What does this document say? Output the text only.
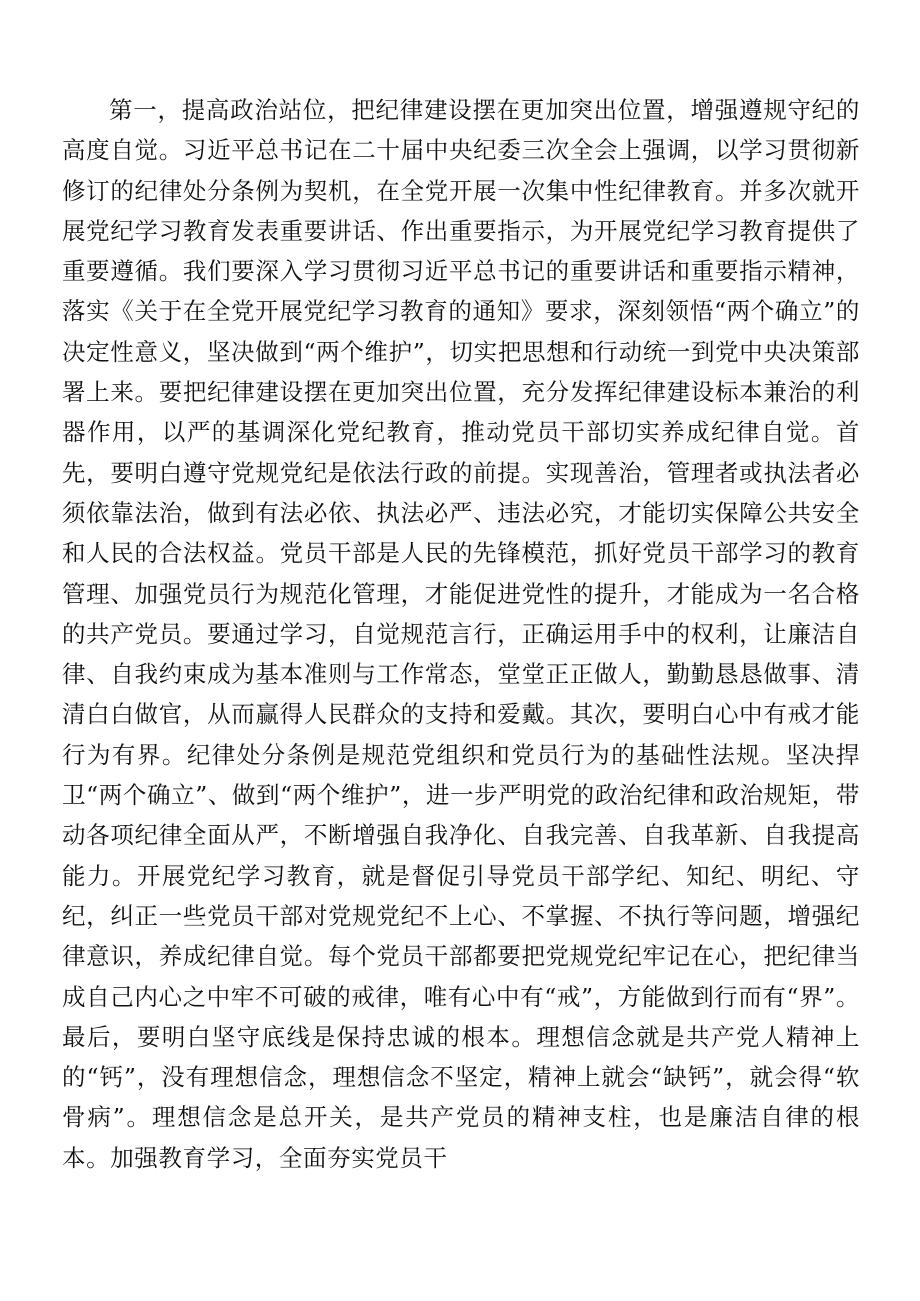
第一，提高政治站位，把纪律建设摆在更加突出位置，增强遵规守纪的高度自觉。习近平总书记在二十届中央纪委三次全会上强调，以学习贯彻新修订的纪律处分条例为契机，在全党开展一次集中性纪律教育。并多次就开展党纪学习教育发表重要讲话、作出重要指示，为开展党纪学习教育提供了重要遵循。我们要深入学习贯彻习近平总书记的重要讲话和重要指示精神，落实《关于在全党开展党纪学习教育的通知》要求，深刻领悟“两个确立”的决定性意义，坚决做到“两个维护”，切实把思想和行动统一到党中央决策部署上来。要把纪律建设摆在更加突出位置，充分发挥纪律建设标本兼治的利器作用，以严的基调深化党纪教育，推动党员干部切实养成纪律自觉。首先，要明白遵守党规党纪是依法行政的前提。实现善治，管理者或执法者必须依靠法治，做到有法必依、执法必严、违法必究，才能切实保障公共安全和人民的合法权益。党员干部是人民的先锋模范，抓好党员干部学习的教育管理、加强党员行为规范化管理，才能促进党性的提升，才能成为一名合格的共产党员。要通过学习，自觉规范言行，正确运用手中的权利，让廉洁自律、自我约束成为基本准则与工作常态，堂堂正正做人，勤勤恳恳做事、清清白白做官，从而赢得人民群众的支持和爱戴。其次，要明白心中有戒才能行为有界。纪律处分条例是规范党组织和党员行为的基础性法规。坚决捍卫“两个确立”、做到“两个维护”，进一步严明党的政治纪律和政治规矩，带动各项纪律全面从严，不断增强自我净化、自我完善、自我革新、自我提高能力。开展党纪学习教育，就是督促引导党员干部学纪、知纪、明纪、守纪，纠正一些党员干部对党规党纪不上心、不掌握、不执行等问题，增强纪律意识，养成纪律自觉。每个党员干部都要把党规党纪牢记在心，把纪律当成自己内心之中牢不可破的戒律，唯有心中有“戒”，方能做到行而有“界”。最后，要明白坚守底线是保持忠诚的根本。理想信念就是共产党人精神上的“钙”，没有理想信念，理想信念不坚定，精神上就会“缺钙”，就会得“软骨病”。理想信念是总开关，是共产党员的精神支柱，也是廉洁自律的根本。加强教育学习，全面夯实党员干
